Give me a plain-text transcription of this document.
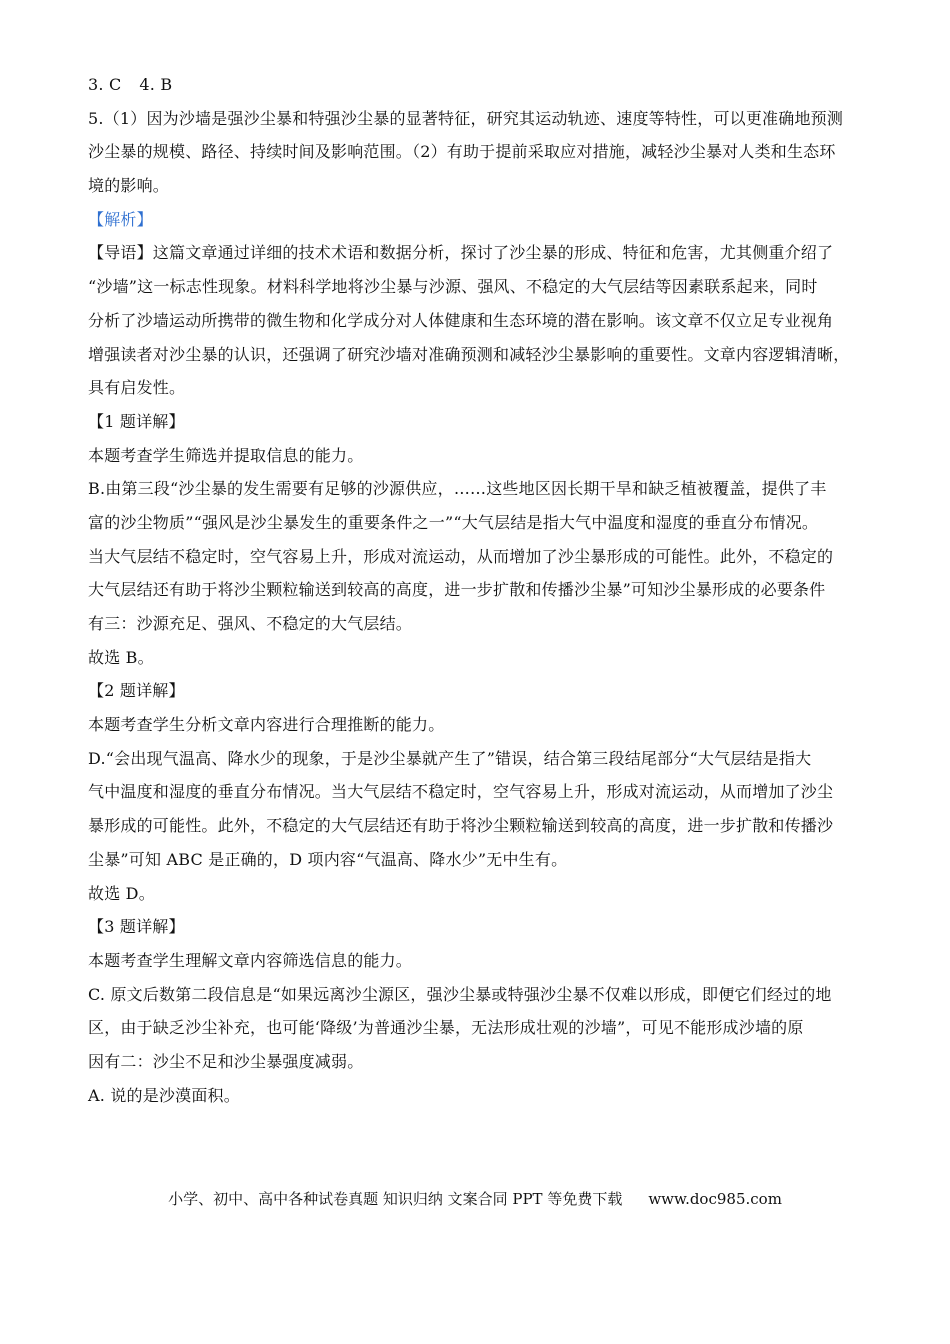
3. C 4. B
5.（1）因为沙墙是强沙尘暴和特强沙尘暴的显著特征，研究其运动轨迹、速度等特性，可以更准确地预测
沙尘暴的规模、路径、持续时间及影响范围。（2）有助于提前采取应对措施，减轻沙尘暴对人类和生态环
境的影响。
【解析】
【导语】这篇文章通过详细的技术术语和数据分析，探讨了沙尘暴的形成、特征和危害，尤其侧重介绍了
“沙墙”这一标志性现象。材料科学地将沙尘暴与沙源、强风、不稳定的大气层结等因素联系起来，同时
分析了沙墙运动所携带的微生物和化学成分对人体健康和生态环境的潜在影响。该文章不仅立足专业视角
增强读者对沙尘暴的认识，还强调了研究沙墙对准确预测和减轻沙尘暴影响的重要性。文章内容逻辑清晰，
具有启发性。
【1 题详解】
本题考查学生筛选并提取信息的能力。
B.由第三段“沙尘暴的发生需要有足够的沙源供应，……这些地区因长期干旱和缺乏植被覆盖，提供了丰
富的沙尘物质”“强风是沙尘暴发生的重要条件之一”“大气层结是指大气中温度和湿度的垂直分布情况。
当大气层结不稳定时，空气容易上升，形成对流运动，从而增加了沙尘暴形成的可能性。此外，不稳定的
大气层结还有助于将沙尘颗粒输送到较高的高度，进一步扩散和传播沙尘暴”可知沙尘暴形成的必要条件
有三：沙源充足、强风、不稳定的大气层结。
故选 B。
【2 题详解】
本题考查学生分析文章内容进行合理推断的能力。
D.“会出现气温高、降水少的现象，于是沙尘暴就产生了”错误，结合第三段结尾部分“大气层结是指大
气中温度和湿度的垂直分布情况。当大气层结不稳定时，空气容易上升，形成对流运动，从而增加了沙尘
暴形成的可能性。此外，不稳定的大气层结还有助于将沙尘颗粒输送到较高的高度，进一步扩散和传播沙
尘暴”可知 ABC 是正确的，D 项内容“气温高、降水少”无中生有。
故选 D。
【3 题详解】
本题考查学生理解文章内容筛选信息的能力。
C. 原文后数第二段信息是“如果远离沙尘源区，强沙尘暴或特强沙尘暴不仅难以形成，即便它们经过的地
区，由于缺乏沙尘补充，也可能‘降级’为普通沙尘暴，无法形成壮观的沙墙”，可见不能形成沙墙的原
因有二：沙尘不足和沙尘暴强度减弱。
A. 说的是沙漠面积。
小学、初中、高中各种试卷真题 知识归纳 文案合同 PPT 等免费下载 www.doc985.com
